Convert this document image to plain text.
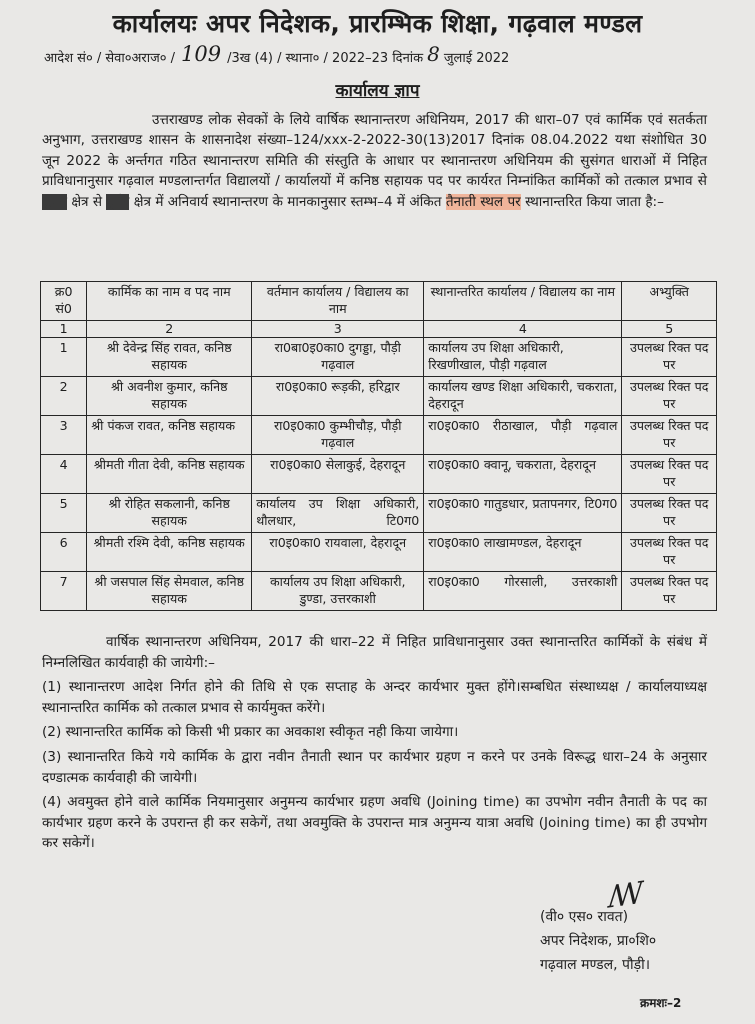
कार्यालयः अपर निदेशक, प्रारम्भिक शिक्षा, गढ़वाल मण्डल
आदेश सं० / सेवा०अराज० / 109 /3ख (4) / स्थाना० / 2022–23 दिनांक 8 जुलाई 2022
कार्यालय ज्ञाप
उत्तराखण्ड लोक सेवकों के लिये वार्षिक स्थानान्तरण अधिनियम, 2017 की धारा–07 एवं कार्मिक एवं सतर्कता अनुभाग, उत्तराखण्ड शासन के शासनादेश संख्या–124/xxx-2-2022-30(13)2017 दिनांक 08.04.2022 यथा संशोधित 30 जून 2022 के अर्न्तगत गठित स्थानान्तरण समिति की संस्तुति के आधार पर स्थानान्तरण अधिनियम की सुसंगत धाराओं में निहित प्राविधानानुसार गढ़वाल मण्डलान्तर्गत विद्यालयों / कार्यालयों में कनिष्ठ सहायक पद पर कार्यरत निम्नांकित कार्मिकों को तत्काल प्रभाव से सुगम क्षेत्र से दुर्गम क्षेत्र में अनिवार्य स्थानान्तरण के मानकानुसार स्तम्भ–4 में अंकित तैनाती स्थल पर स्थानान्तरित किया जाता है:–
क्र0 सं0	कार्मिक का नाम व पद नाम	वर्तमान कार्यालय / विद्यालय का नाम	स्थानान्तरित कार्यालय / विद्यालय का नाम	अभ्युक्ति
1	2	3	4	5
1	श्री देवेन्द्र सिंह रावत, कनिष्ठ सहायक	रा0बा0इ0का0 दुगड्डा, पौड़ी गढ़वाल	कार्यालय उप शिक्षा अधिकारी, रिखणीखाल, पौड़ी गढ़वाल	उपलब्ध रिक्त पद पर
2	श्री अवनीश कुमार, कनिष्ठ सहायक	रा0इ0का0 रूड़की, हरिद्वार	कार्यालय खण्ड शिक्षा अधिकारी, चकराता, देहरादून	उपलब्ध रिक्त पद पर
3	श्री पंकज रावत, कनिष्ठ सहायक	रा0इ0का0 कुम्भीचौड़, पौड़ी गढ़वाल	रा0इ0का0 रीठाखाल, पौड़ी गढ़वाल	उपलब्ध रिक्त पद पर
4	श्रीमती गीता देवी, कनिष्ठ सहायक	रा0इ0का0 सेलाकुई, देहरादून	रा0इ0का0 क्वानू, चकराता, देहरादून	उपलब्ध रिक्त पद पर
5	श्री रोहित सकलानी, कनिष्ठ सहायक	कार्यालय उप शिक्षा अधिकारी, थौलधार, टि0ग0	रा0इ0का0 गातुडधार, प्रतापनगर, टि0ग0	उपलब्ध रिक्त पद पर
6	श्रीमती रश्मि देवी, कनिष्ठ सहायक	रा0इ0का0 रायवाला, देहरादून	रा0इ0का0 लाखामण्डल, देहरादून	उपलब्ध रिक्त पद पर
7	श्री जसपाल सिंह सेमवाल, कनिष्ठ सहायक	कार्यालय उप शिक्षा अधिकारी, डुण्डा, उत्तरकाशी	रा0इ0का0 गोरसाली, उत्तरकाशी	उपलब्ध रिक्त पद पर

वार्षिक स्थानान्तरण अधिनियम, 2017 की धारा–22 में निहित प्राविधानानुसार उक्त स्थानान्तरित कार्मिकों के संबंध में निम्नलिखित कार्यवाही की जायेगी:–

(1) स्थानान्तरण आदेश निर्गत होने की तिथि से एक सप्ताह के अन्दर कार्यभार मुक्त होंगे।सम्बधित संस्थाध्यक्ष / कार्यालयाध्यक्ष स्थानान्तरित कार्मिक को तत्काल प्रभाव से कार्यमुक्त करेंगे।

(2) स्थानान्तरित कार्मिक को किसी भी प्रकार का अवकाश स्वीकृत नही किया जायेगा।

(3) स्थानान्तरित किये गये कार्मिक के द्वारा नवीन तैनाती स्थान पर कार्यभार ग्रहण न करने पर उनके विरूद्ध धारा–24 के अनुसार दण्डात्मक कार्यवाही की जायेगी।

(4) अवमुक्त होने वाले कार्मिक नियमानुसार अनुमन्य कार्यभार ग्रहण अवधि (Joining time) का उपभोग नवीन तैनाती के पद का कार्यभार ग्रहण करने के उपरान्त ही कर सकेगें, तथा अवमुक्ति के उपरान्त मात्र अनुमन्य यात्रा अवधि (Joining time) का ही उपभोग कर सकेगें।

ꟿ
(वी० एस० रावत)
अपर निदेशक, प्रा०शि०
गढ़वाल मण्डल, पौड़ी।
क्रमशः–2
